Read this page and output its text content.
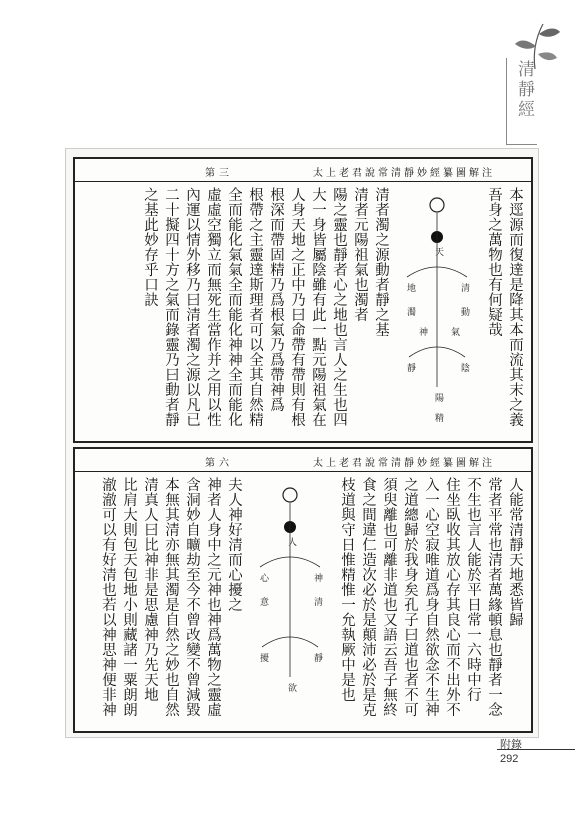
清靜經
第三	太上老君說常清靜妙經纂圖解注
本逕源而復達是降其本而流其末之義
吾身之萬物也有何疑哉
天
地	清
濁	動
靜	陰
陽
神 氣
精
清者濁之源動者靜之基
清者元陽祖氣也濁者
陽之靈也靜者心之地也言人之生也四
大一身皆屬陰雖有此一點元陽祖氣在
人身天地之正中乃曰命帶有帶則有根
根深而帶固精乃爲根氣乃爲帶神爲
根帶之主靈達斯理者可以全其自然精
全而能化氣氣全而能化神神全而能化
虛虛空獨立而無死生當作并之用以性
內運以情外移乃曰清者濁之源以凡已
二十擬四十方之氣而錄靈乃曰動者靜
之基此妙存乎口訣
第六	太上老君說常清靜妙經纂圖解注
人能常清靜天地悉皆歸
常者平常也清者萬緣頓息也靜者一念
不生也言人能於平日常一六時中行
住坐臥收其放心存其良心而不出外不
入一心空寂唯道爲身自然欲念不生神
之道總歸於我身矣孔子曰道也者不可
須臾離也可離非道也又語云吾子無終
食之間違仁造次必於是顛沛必於是克
枝道與守日惟精惟一允執厥中是也
人
心	神
意	清
擾	靜
欲
夫人神好清而心擾之
神者人身中之元神也神爲萬物之靈虛
含洞妙自曠劫至今不曾改變不曾減毀
本無其清亦無其濁是自然之妙也自然
清真人曰比神非是思慮神乃先天地
比肩大則包天包地小則藏諸一粟朗朗
澈澈可以有好清也若以神思神便非神
附錄
292
